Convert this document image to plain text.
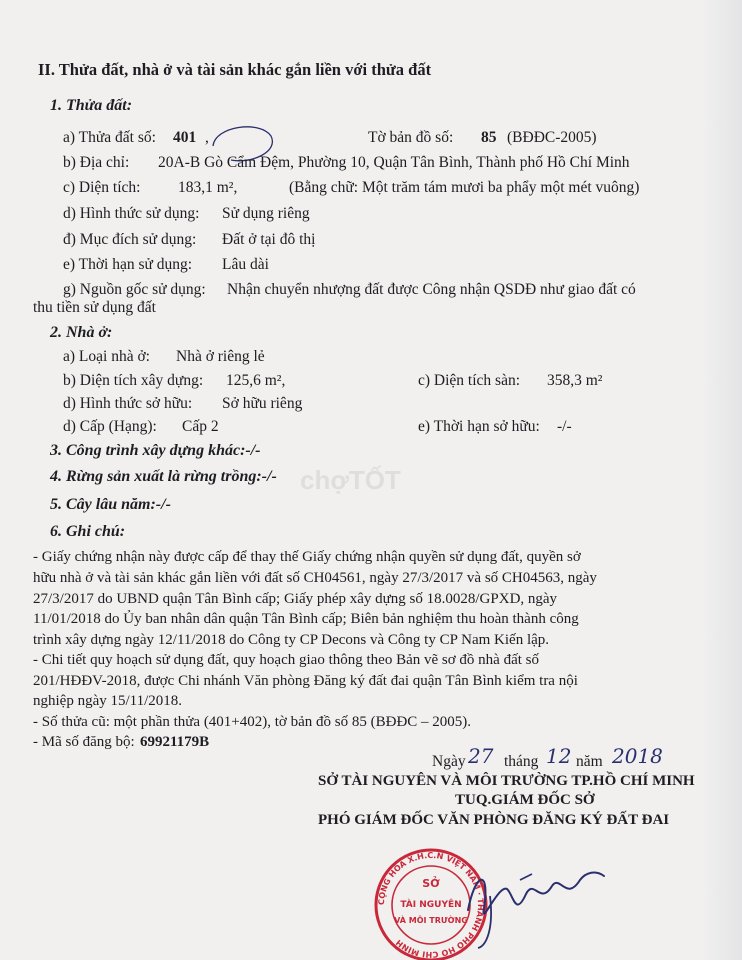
II. Thửa đất, nhà ở và tài sản khác gắn liền với thửa đất
1. Thửa đất:
a) Thửa đất số: 401 ,	Tờ bản đồ số: 85 (BĐĐC-2005)
b) Địa chỉ: 20A-B Gò Cẩm Đệm, Phường 10, Quận Tân Bình, Thành phố Hồ Chí Minh
c) Diện tích: 183,1 m²,	(Bằng chữ: Một trăm tám mươi ba phẩy một mét vuông)
d) Hình thức sử dụng: Sử dụng riêng
đ) Mục đích sử dụng: Đất ở tại đô thị
e) Thời hạn sử dụng: Lâu dài
g) Nguồn gốc sử dụng: Nhận chuyển nhượng đất được Công nhận QSDĐ như giao đất có
thu tiền sử dụng đất
2. Nhà ở:
a) Loại nhà ở: Nhà ở riêng lẻ
b) Diện tích xây dựng: 125,6 m²,	c) Diện tích sàn: 358,3 m²
d) Hình thức sở hữu: Sở hữu riêng
d) Cấp (Hạng): Cấp 2	e) Thời hạn sở hữu: -/-
3. Công trình xây dựng khác:-/-
4. Rừng sản xuất là rừng trồng:-/-
5. Cây lâu năm:-/-
chợTỐT
6. Ghi chú:
- Giấy chứng nhận này được cấp để thay thế Giấy chứng nhận quyền sử dụng đất, quyền sở
hữu nhà ở và tài sản khác gắn liền với đất số CH04561, ngày 27/3/2017 và số CH04563, ngày
27/3/2017 do UBND quận Tân Bình cấp; Giấy phép xây dựng số 18.0028/GPXD, ngày
11/01/2018 do Ủy ban nhân dân quận Tân Bình cấp; Biên bản nghiệm thu hoàn thành công
trình xây dựng ngày 12/11/2018 do Công ty CP Decons và Công ty CP Nam Kiến lập.
- Chi tiết quy hoạch sử dụng đất, quy hoạch giao thông theo Bản vẽ sơ đồ nhà đất số
201/HĐĐV-2018, được Chi nhánh Văn phòng Đăng ký đất đai quận Tân Bình kiểm tra nội
nghiệp ngày 15/11/2018.
- Số thửa cũ: một phần thửa (401+402), tờ bản đồ số 85 (BĐĐC – 2005).
- Mã số đăng bộ: 69921179B
Ngày 27 tháng 12 năm 2018
SỞ TÀI NGUYÊN VÀ MÔI TRƯỜNG TP.HỒ CHÍ MINH
TUQ.GIÁM ĐỐC SỞ
PHÓ GIÁM ĐỐC VĂN PHÒNG ĐĂNG KÝ ĐẤT ĐAI
CỘNG HÒA X.H.C.N VIỆT NAM · THÀNH PHỐ HỒ CHÍ MINH
SỞ
TÀI NGUYÊN
VÀ MÔI TRƯỜNG
